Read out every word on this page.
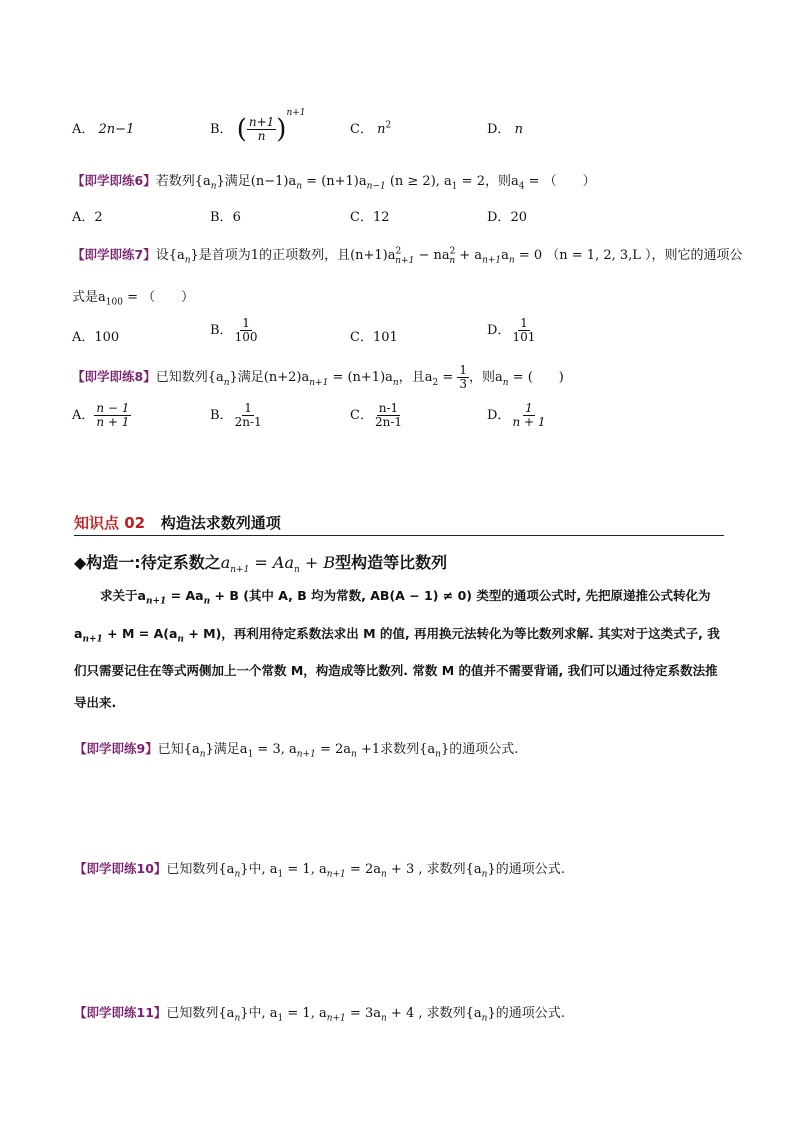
A． 2n−1	B． ( $\frac{n+1}{n} )^{n+1}$
C． $n^2$	D． n
【即学即练6】若数列$\{a_n\}$满足$(n-1)a_n = (n+1)a_{n-1}$ (n ≥ 2), $a_1 = 2$，则$a_4$ = （　　）
A．2	B．6	C．12	D．20
【即学即练7】设$\{a_n\}$是首项为1的正项数列，且$(n+1)a^2_{n+1} - na^2_n + a_{n+1}a_n = 0$ （n = 1, 2, 3,L ），则它的通项公
式是$a_{100}$ = （　　）
A．100	B． $\frac{1}{100}$	C．101	D． $\frac{1}{101}$
【即学即练8】已知数列$\{a_n\}$满足$(n+2)a_{n+1} = (n+1)a_n$，且$a_2 = \frac{1}{3}$ ，则$a_n$ = (　　)
A． $\frac{n - 1}{n + 1}$	B． $\frac{1}{2n-1}$	C． $\frac{n-1}{2n-1}$	D． $\frac{1}{n + 1}$
知识点 02 构造法求数列通项
◆构造一:待定系数之$a_{n+1} = Aa_n + B$型构造等比数列
求关于$a_{n+1} = Aa_n + B$ (其中 A, B 均为常数, AB(A − 1) ≠ 0) 类型的通项公式时, 先把原递推公式转化为$a_{n+1} + M = A(a_n + M)$，再利用待定系数法求出 M 的值, 再用换元法转化为等比数列求解. 其实对于这类式子, 我们只需要记住在等式两侧加上一个常数 M，构造成等比数列. 常数 M 的值并不需要背诵, 我们可以通过待定系数法推导出来.
【即学即练9】已知$\{a_n\}$满足$a_1 = 3$, $a_{n+1} = 2a_n +1$求数列$\{a_n\}$的通项公式.
【即学即练10】已知数列$\{a_n\}$中, $a_1 = 1$, $a_{n+1} = 2a_n + 3$ , 求数列$\{a_n\}$的通项公式.
【即学即练11】已知数列$\{a_n\}$中, $a_1 = 1$, $a_{n+1} = 3a_n + 4$ , 求数列$\{a_n\}$的通项公式.
